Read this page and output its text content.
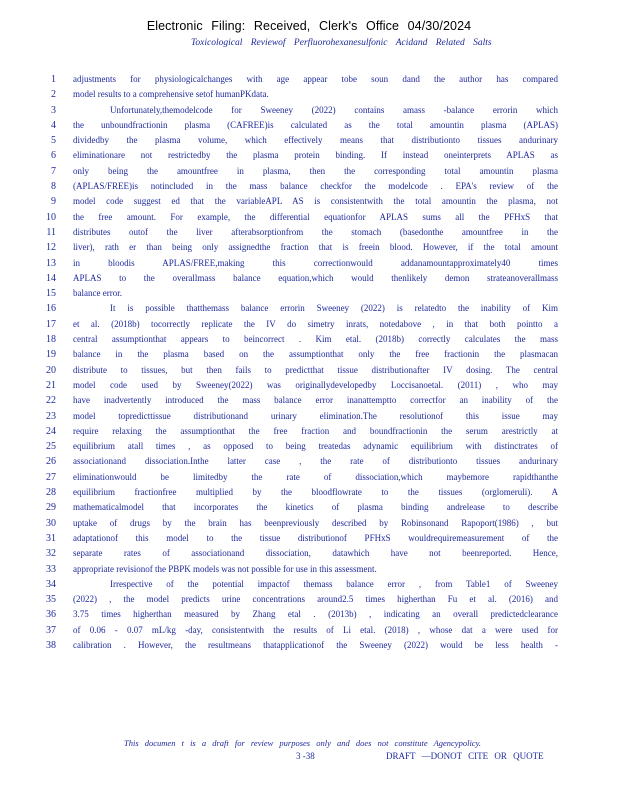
Electronic Filing: Received, Clerk's Office 04/30/2024
Toxicological Reviewof Perfluorohexanesulfonic Acidand Related Salts
1 adjustments for physiologicalchanges with age appear tobe soun dand the author has compared
2 model results to a comprehensive setof humanPKdata.
3	Unfortunately,themodelcode for Sweeney (2022) contains amass -balance errorin which
4 the unboundfractionin plasma (CAFREE)is calculated as the total amountin plasma (APLAS)
5 dividedby the plasma volume, which effectively means that distributionto tissues andurinary
6 eliminationare not restrictedby the plasma protein binding. If instead oneinterprets APLAS as
7 only being the amountfree in plasma, then the corresponding total amountin plasma
8 (APLAS/FREE)is notincluded in the mass balance checkfor the modelcode . EPA's review of the
9 model code suggest ed that the variableAPL AS is consistentwith the total amountin the plasma, not
10 the free amount. For example, the differential equationfor APLAS sums all the PFHxS that
11 distributes outof the liver afterabsorptionfrom the stomach (basedonthe amountfree in the
12 liver), rath er than being only assignedthe fraction that is freein blood. However, if the total amount
13 in bloodis APLAS/FREE,making this correctionwould addanamountapproximately40 times
14 APLAS to the overallmass balance equation,which would thenlikely demon strateanoverallmass
15 balance error.
16	It is possible thatthemass balance errorin Sweeney (2022) is relatedto the inability of Kim
17 et al. (2018b) tocorrectly replicate the IV do simetry inrats, notedabove , in that both pointto a
18 central assumptionthat appears to beincorrect . Kim etal. (2018b) correctly calculates the mass
19 balance in the plasma based on the assumptionthat only the free fractionin the plasmacan
20 distribute to tissues, but then fails to predictthat tissue distributionafter IV dosing. The central
21 model code used by Sweeney(2022) was originallydevelopedby Loccisanoetal. (2011) , who may
22 have inadvertently introduced the mass balance error inanattemptto correctfor an inability of the
23 model topredicttissue distributionand urinary elimination.The resolutionof this issue may
24 require relaxing the assumptionthat the free fraction and boundfractionin the serum arestrictly at
25 equilibrium atall times , as opposed to being treatedas adynamic equilibrium with distinctrates of
26 associationand dissociation.Inthe latter case , the rate of distributionto tissues andurinary
27 eliminationwould be limitedby the rate of dissociation,which maybemore rapidthanthe
28 equilibrium fractionfree multiplied by the bloodflowrate to the tissues (orglomeruli). A
29 mathematicalmodel that incorporates the kinetics of plasma binding andrelease to describe
30 uptake of drugs by the brain has beenpreviously described by Robinsonand Rapoport(1986) , but
31 adaptationof this model to the tissue distributionof PFHxS wouldrequiremeasurement of the
32 separate rates of associationand dissociation, datawhich have not beenreported. Hence,
33 appropriate revisionof the PBPK models was not possible for use in this assessment.
34	Irrespective of the potential impactof themass balance error , from Table1 of Sweeney
35 (2022) , the model predicts urine concentrations around2.5 times higherthan Fu et al. (2016) and
36 3.75 times higherthan measured by Zhang etal . (2013b) , indicating an overall predictedclearance
37 of 0.06 - 0.07 mL/kg -day, consistentwith the results of Li etal. (2018) , whose dat a were used for
38 calibration . However, the resultmeans thatapplicationof the Sweeney (2022) would be less health -
This documen t is a draft for review purposes only and does not constitute Agencypolicy.
3 -38	DRAFT —DONOT CITE OR QUOTE
